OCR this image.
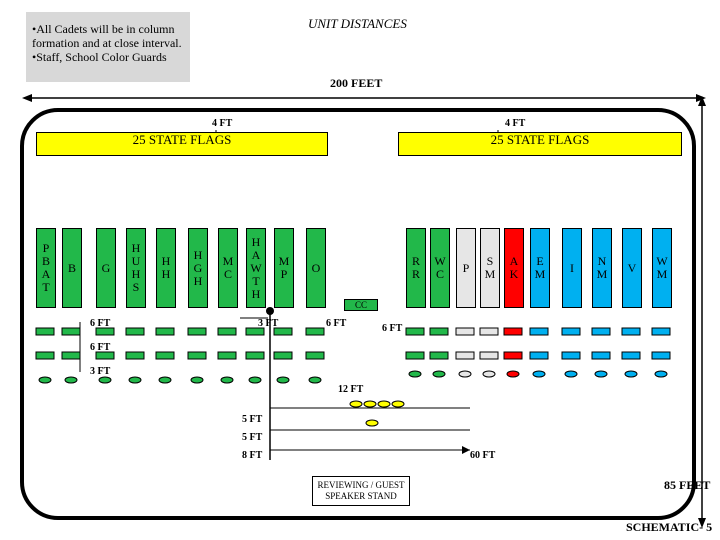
•All Cadets will be in column
formation and at close interval.
•Staff, School Color Guards
UNIT DISTANCES
200 FEET
4 FT	4 FT
25 STATE FLAGS	25 STATE FLAGS
P
B
A
T
B G
H
U
H
S
H
H
H
G
H
M
C
H
A
W
T
H
M
P O	R
R
W
C P S
M
A
K
E
M I N
M V W
M
CC
6 FT	3 FT	6 FT	6 FT
6 FT
3 FT
12 FT
5 FT
5 FT
8 FT	60 FT
REVIEWING / GUEST
SPEAKER STAND
85 FEET
SCHEMATIC- 5
